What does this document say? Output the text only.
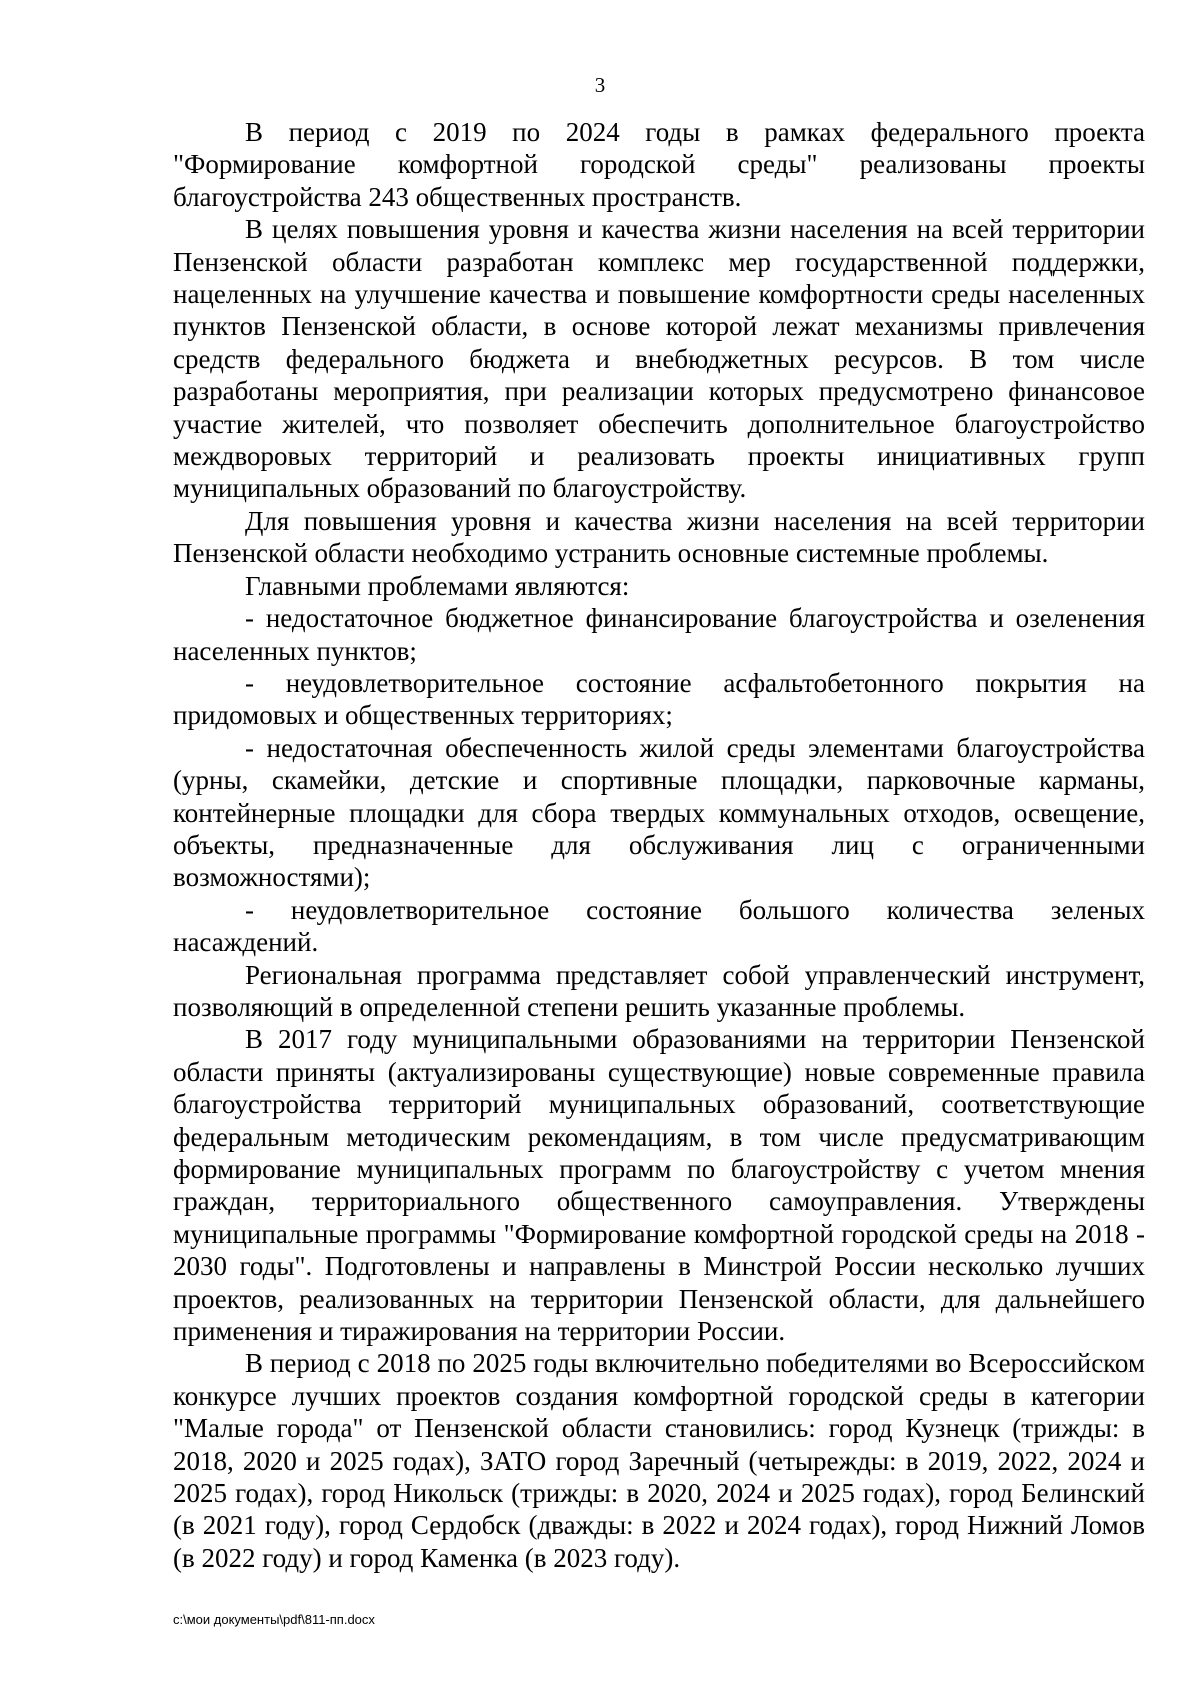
3

В период с 2019 по 2024 годы в рамках федерального проекта "Формирование комфортной городской среды" реализованы проекты благоустройства 243 общественных пространств.

В целях повышения уровня и качества жизни населения на всей территории Пензенской области разработан комплекс мер государственной поддержки, нацеленных на улучшение качества и повышение комфортности среды населенных пунктов Пензенской области, в основе которой лежат механизмы привлечения средств федерального бюджета и внебюджетных ресурсов. В том числе разработаны мероприятия, при реализации которых предусмотрено финансовое участие жителей, что позволяет обеспечить дополнительное благоустройство междворовых территорий и реализовать проекты инициативных групп муниципальных образований по благоустройству.

Для повышения уровня и качества жизни населения на всей территории Пензенской области необходимо устранить основные системные проблемы.

Главными проблемами являются:

- недостаточное бюджетное финансирование благоустройства и озеленения населенных пунктов;

- неудовлетворительное состояние асфальтобетонного покрытия на придомовых и общественных территориях;

- недостаточная обеспеченность жилой среды элементами благоустройства (урны, скамейки, детские и спортивные площадки, парковочные карманы, контейнерные площадки для сбора твердых коммунальных отходов, освещение, объекты, предназначенные для обслуживания лиц с ограниченными возможностями);

- неудовлетворительное состояние большого количества зеленых насаждений.

Региональная программа представляет собой управленческий инструмент, позволяющий в определенной степени решить указанные проблемы.

В 2017 году муниципальными образованиями на территории Пензенской области приняты (актуализированы существующие) новые современные правила благоустройства территорий муниципальных образований, соответствующие федеральным методическим рекомендациям, в том числе предусматривающим формирование муниципальных программ по благоустройству с учетом мнения граждан, территориального общественного самоуправления. Утверждены муниципальные программы "Формирование комфортной городской среды на 2018 - 2030 годы". Подготовлены и направлены в Минстрой России несколько лучших проектов, реализованных на территории Пензенской области, для дальнейшего применения и тиражирования на территории России.

В период с 2018 по 2025 годы включительно победителями во Всероссийском конкурсе лучших проектов создания комфортной городской среды в категории "Малые города" от Пензенской области становились: город Кузнецк (трижды: в 2018, 2020 и 2025 годах), ЗАТО город Заречный (четырежды: в 2019, 2022, 2024 и 2025 годах), город Никольск (трижды: в 2020, 2024 и 2025 годах), город Белинский (в 2021 году), город Сердобск (дважды: в 2022 и 2024 годах), город Нижний Ломов (в 2022 году) и город Каменка (в 2023 году).

c:\мои документы\pdf\811-пп.docx
